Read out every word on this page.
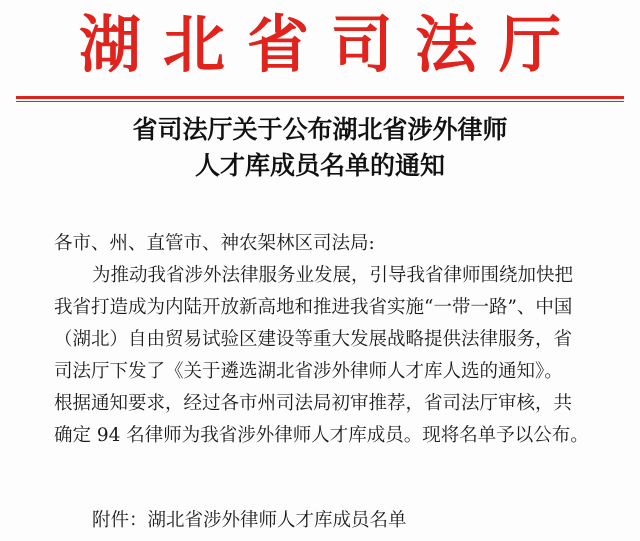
湖北省司法厅
省司法厅关于公布湖北省涉外律师
人才库成员名单的通知
各市、州、直管市、神农架林区司法局:
为推动我省涉外法律服务业发展，引导我省律师围绕加快把
我省打造成为内陆开放新高地和推进我省实施“一带一路”、中国
（湖北）自由贸易试验区建设等重大发展战略提供法律服务，省
司法厅下发了《关于遴选湖北省涉外律师人才库人选的通知》。
根据通知要求，经过各市州司法局初审推荐，省司法厅审核，共
确定 94 名律师为我省涉外律师人才库成员。现将名单予以公布。
附件：湖北省涉外律师人才库成员名单
